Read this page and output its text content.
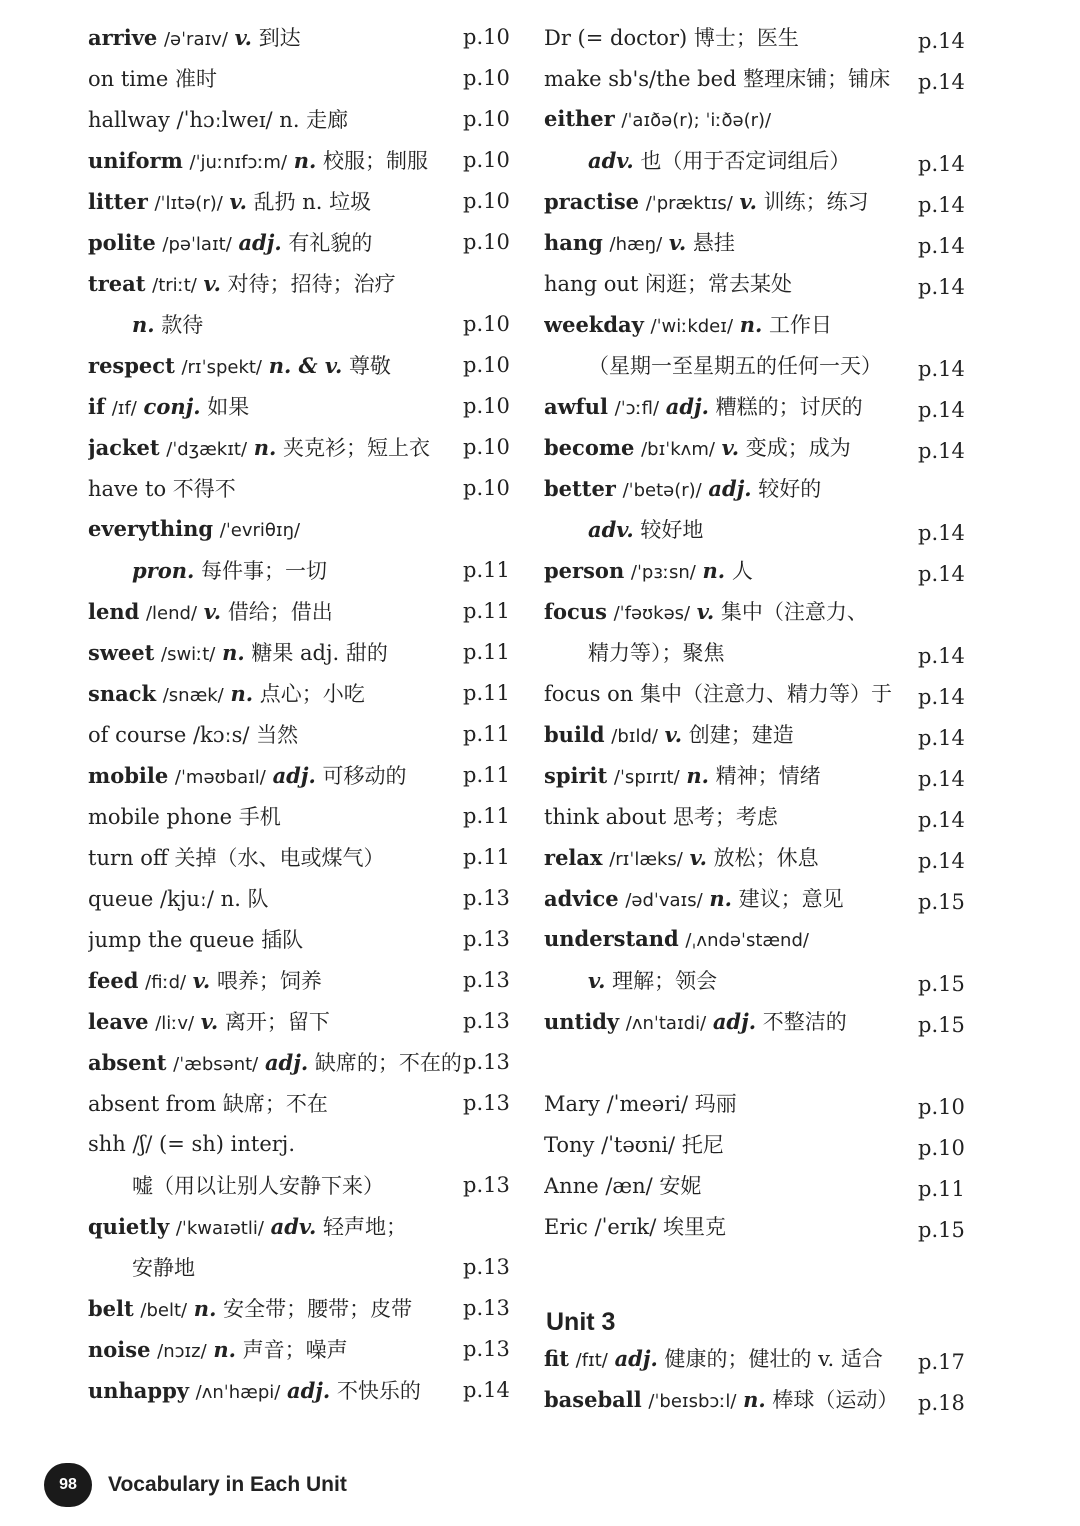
arrive /əˈraɪv/ v. 到达	p.10
on time 准时	p.10
hallway /ˈhɔːlweɪ/ n. 走廊	p.10
uniform /ˈjuːnɪfɔːm/ n. 校服；制服	p.10
litter /ˈlɪtə(r)/ v. 乱扔 n. 垃圾	p.10
polite /pəˈlaɪt/ adj. 有礼貌的	p.10
treat /triːt/ v. 对待；招待；治疗
n. 款待	p.10
respect /rɪˈspekt/ n. & v. 尊敬	p.10
if /ɪf/ conj. 如果	p.10
jacket /ˈdʒækɪt/ n. 夹克衫；短上衣	p.10
have to 不得不	p.10
everything /ˈevriθɪŋ/
pron. 每件事；一切	p.11
lend /lend/ v. 借给；借出	p.11
sweet /swiːt/ n. 糖果 adj. 甜的	p.11
snack /snæk/ n. 点心；小吃	p.11
of course /kɔːs/ 当然	p.11
mobile /ˈməʊbaɪl/ adj. 可移动的	p.11
mobile phone 手机	p.11
turn off 关掉（水、电或煤气）	p.11
queue /kjuː/ n. 队	p.13
jump the queue 插队	p.13
feed /fiːd/ v. 喂养；饲养	p.13
leave /liːv/ v. 离开；留下	p.13
absent /ˈæbsənt/ adj. 缺席的；不在的 p.13
absent from 缺席；不在	p.13
shh /ʃ/ (= sh) interj.
嘘（用以让别人安静下来）	p.13
quietly /ˈkwaɪətli/ adv. 轻声地；
安静地	p.13
belt /belt/ n. 安全带；腰带；皮带	p.13
noise /nɔɪz/ n. 声音；噪声	p.13
unhappy /ʌnˈhæpi/ adj. 不快乐的	p.14
Dr (= doctor) 博士；医生	p.14
make sb's/the bed 整理床铺；铺床	p.14
either /ˈaɪðə(r); ˈiːðə(r)/
adv. 也（用于否定词组后）	p.14
practise /ˈpræktɪs/ v. 训练；练习	p.14
hang /hæŋ/ v. 悬挂	p.14
hang out 闲逛；常去某处	p.14
weekday /ˈwiːkdeɪ/ n. 工作日
（星期一至星期五的任何一天）	p.14
awful /ˈɔːfl/ adj. 糟糕的；讨厌的	p.14
become /bɪˈkʌm/ v. 变成；成为	p.14
better /ˈbetə(r)/ adj. 较好的
adv. 较好地	p.14
person /ˈpɜːsn/ n. 人	p.14
focus /ˈfəʊkəs/ v. 集中（注意力、
精力等）；聚焦	p.14
focus on 集中（注意力、精力等）于	p.14
build /bɪld/ v. 创建；建造	p.14
spirit /ˈspɪrɪt/ n. 精神；情绪	p.14
think about 思考；考虑	p.14
relax /rɪˈlæks/ v. 放松；休息	p.14
advice /ədˈvaɪs/ n. 建议；意见	p.15
understand /ˌʌndəˈstænd/
v. 理解；领会	p.15
untidy /ʌnˈtaɪdi/ adj. 不整洁的	p.15
Mary /ˈmeəri/ 玛丽	p.10
Tony /ˈtəʊni/ 托尼	p.10
Anne /æn/ 安妮	p.11
Eric /ˈerɪk/ 埃里克	p.15
Unit 3
fit /fɪt/ adj. 健康的；健壮的 v. 适合	p.17
baseball /ˈbeɪsbɔːl/ n. 棒球（运动） p.18
98	Vocabulary in Each Unit
